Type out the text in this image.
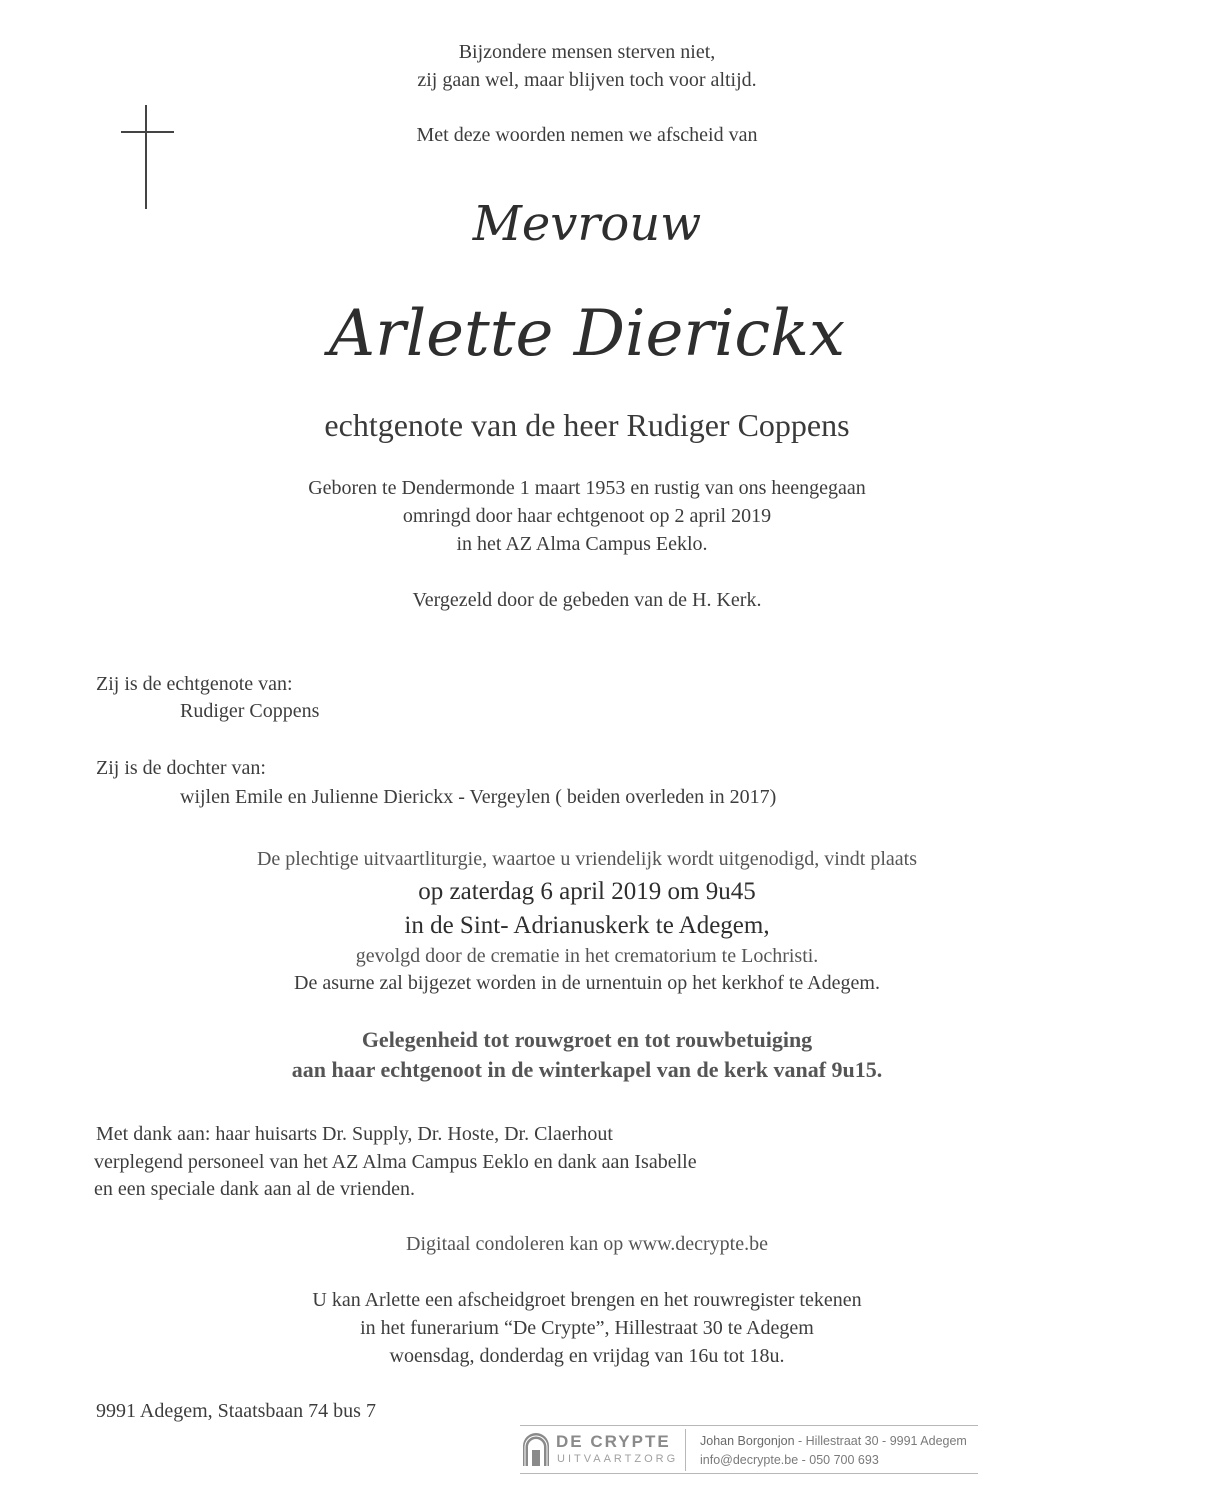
Bijzondere mensen sterven niet,
zij gaan wel, maar blijven toch voor altijd.
Met deze woorden nemen we afscheid van
Mevrouw
Arlette Dierickx
echtgenote van de heer Rudiger Coppens
Geboren te Dendermonde 1 maart 1953 en rustig van ons heengegaan
omringd door haar echtgenoot op 2 april 2019
in het AZ Alma Campus Eeklo.
Vergezeld door de gebeden van de H. Kerk.
Zij is de echtgenote van:
Rudiger Coppens
Zij is de dochter van:
wijlen Emile en Julienne Dierickx - Vergeylen ( beiden overleden in 2017)
De plechtige uitvaartliturgie, waartoe u vriendelijk wordt uitgenodigd, vindt plaats
op zaterdag 6 april 2019 om 9u45
in de Sint- Adrianuskerk te Adegem,
gevolgd door de crematie in het crematorium te Lochristi.
De asurne zal bijgezet worden in de urnentuin op het kerkhof te Adegem.
Gelegenheid tot rouwgroet en tot rouwbetuiging
aan haar echtgenoot in de winterkapel van de kerk vanaf 9u15.
Met dank aan: haar huisarts Dr. Supply, Dr. Hoste, Dr. Claerhout
verplegend personeel van het AZ Alma Campus Eeklo en dank aan Isabelle
en een speciale dank aan al de vrienden.
Digitaal condoleren kan op www.decrypte.be
U kan Arlette een afscheidgroet brengen en het rouwregister tekenen
in het funerarium “De Crypte”, Hillestraat 30 te Adegem
woensdag, donderdag en vrijdag van 16u tot 18u.
9991 Adegem, Staatsbaan 74 bus 7
DE CRYPTE
UITVAARTZORG
Johan Borgonjon - Hillestraat 30 - 9991 Adegem
info@decrypte.be - 050 700 693
